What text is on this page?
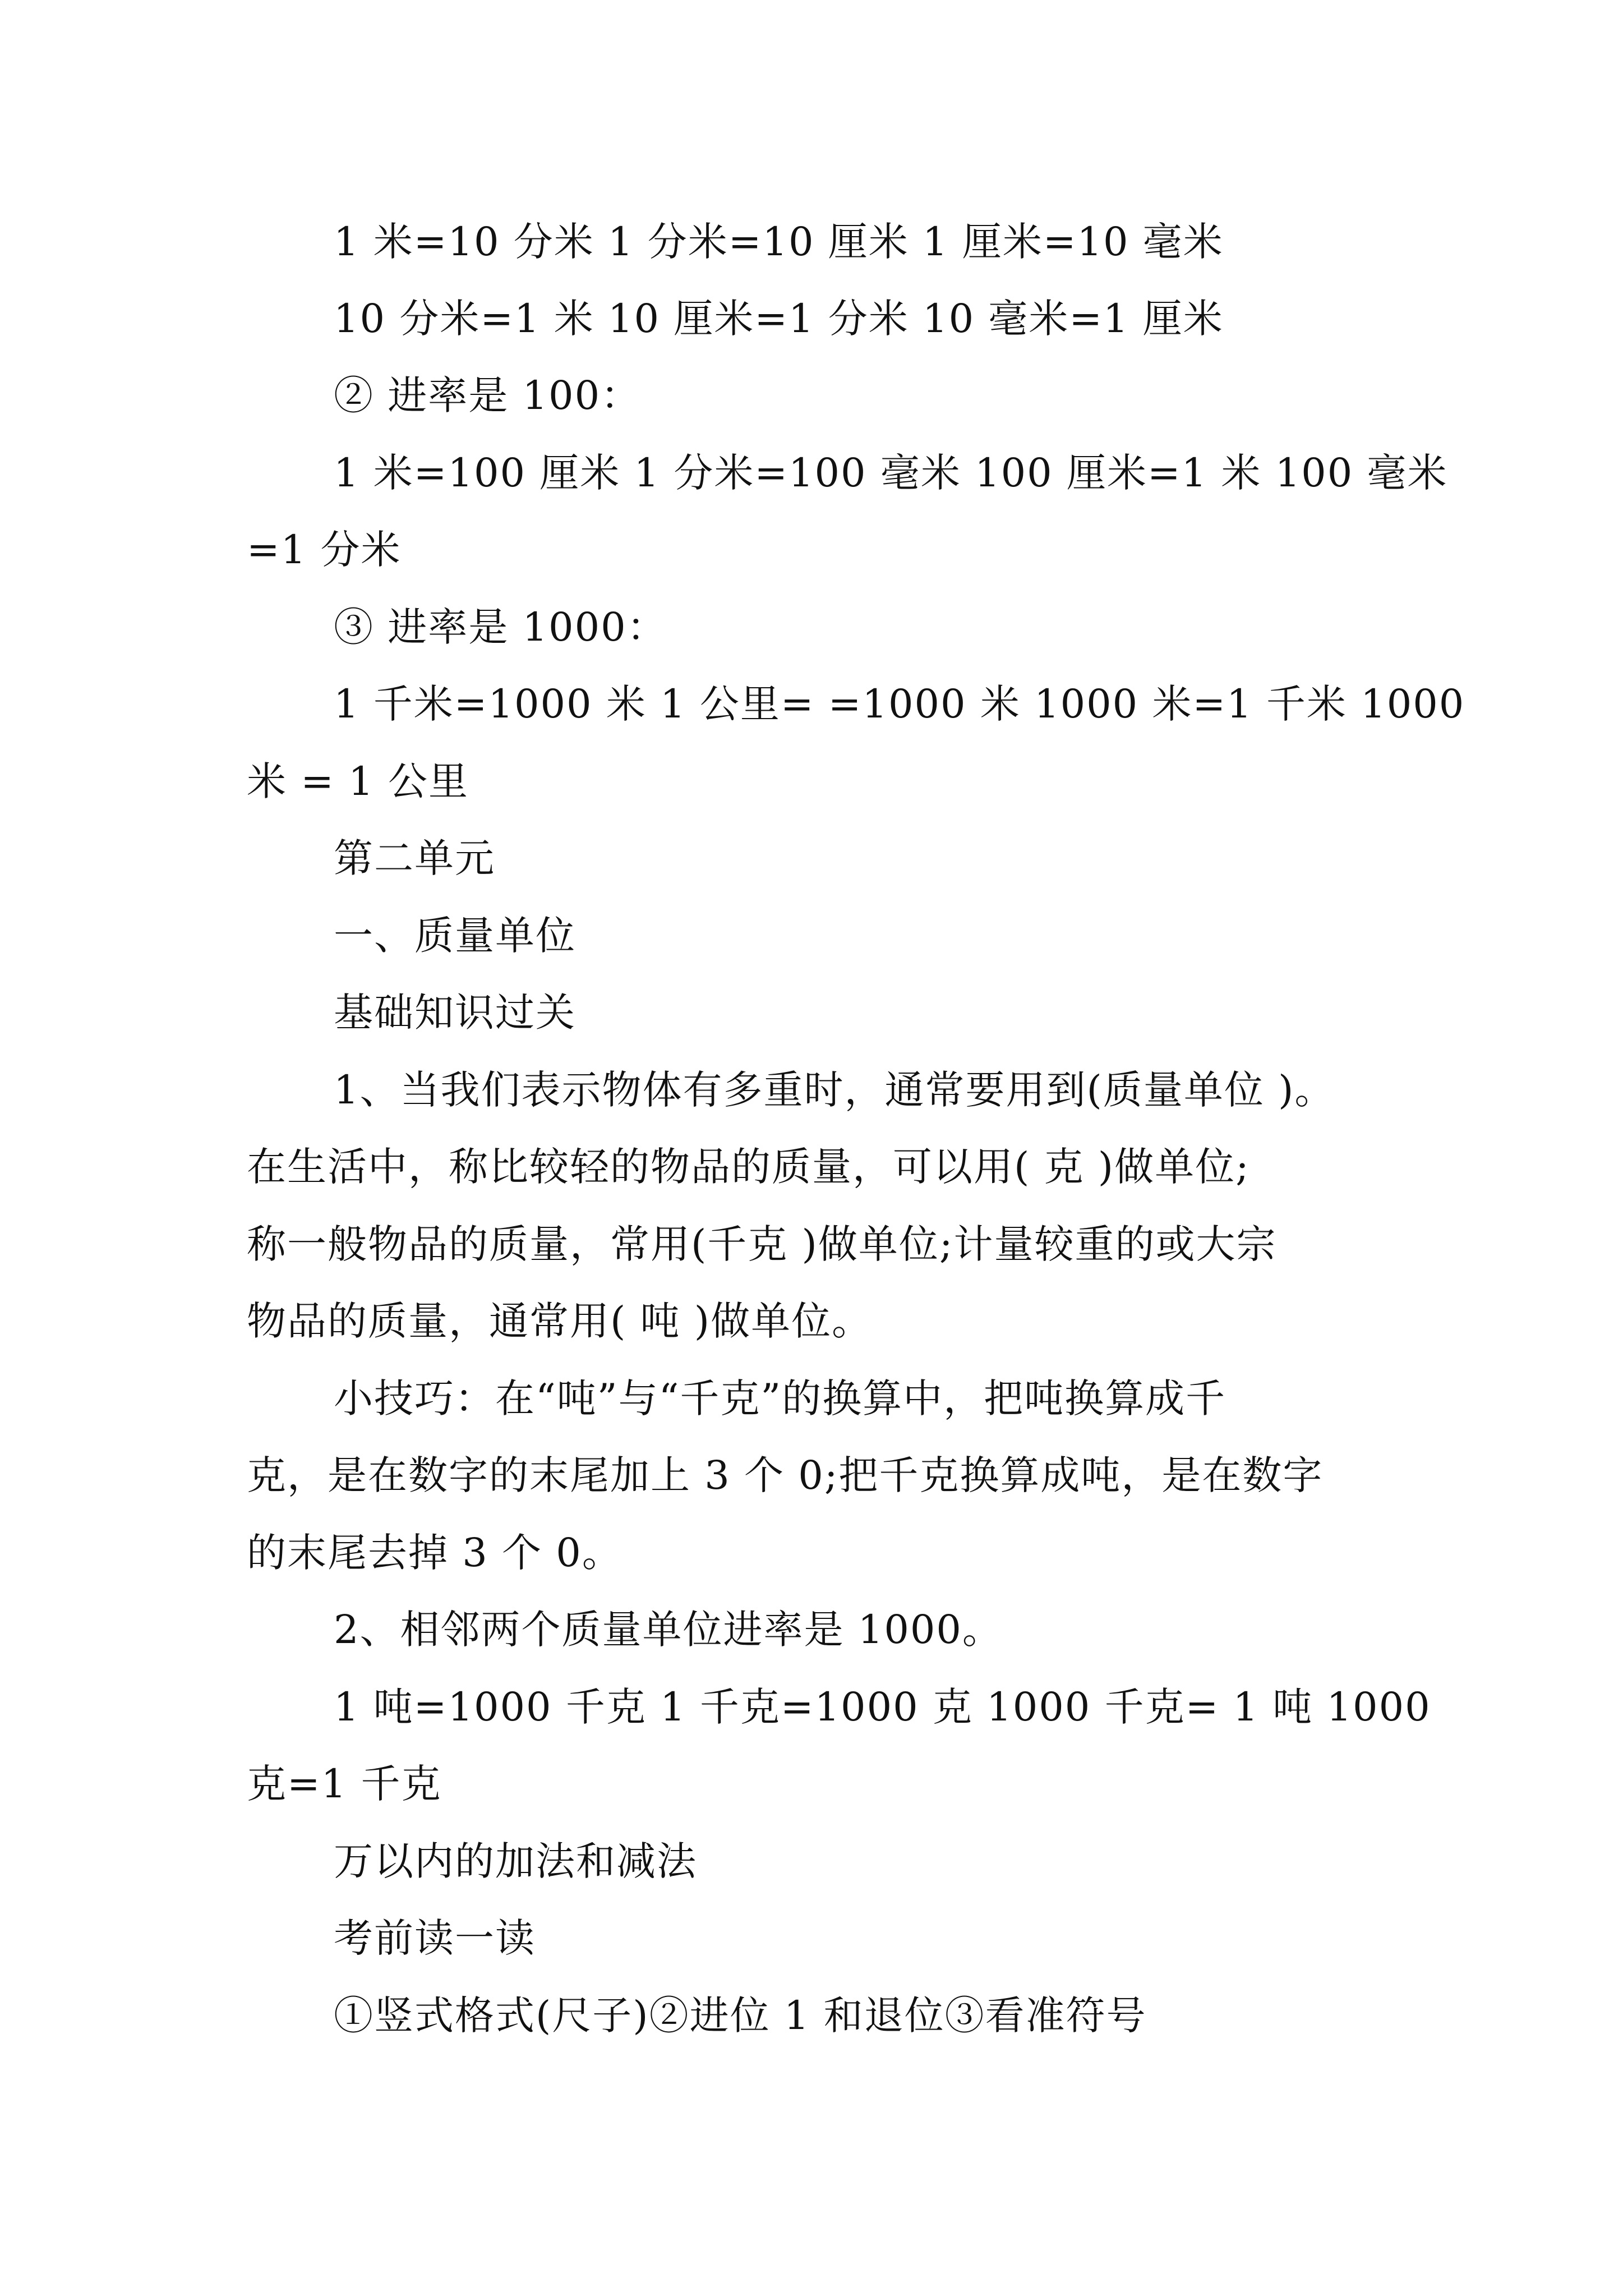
1 米=10 分米 1 分米=10 厘米 1 厘米=10 毫米
10 分米=1 米 10 厘米=1 分米 10 毫米=1 厘米
② 进率是 100：
1 米=100 厘米 1 分米=100 毫米 100 厘米=1 米 100 毫米
=1 分米
③ 进率是 1000：
1 千米=1000 米 1 公里= =1000 米 1000 米=1 千米 1000
米 = 1 公里
第二单元
一、质量单位
基础知识过关
1、当我们表示物体有多重时，通常要用到(质量单位 )。
在生活中，称比较轻的物品的质量，可以用( 克 )做单位;
称一般物品的质量，常用(千克 )做单位;计量较重的或大宗
物品的质量，通常用( 吨 )做单位。
小技巧：在“吨”与“千克”的换算中，把吨换算成千
克，是在数字的末尾加上 3 个 0;把千克换算成吨，是在数字
的末尾去掉 3 个 0。
2、相邻两个质量单位进率是 1000。
1 吨=1000 千克 1 千克=1000 克 1000 千克= 1 吨 1000
克=1 千克
万以内的加法和减法
考前读一读
①竖式格式(尺子)②进位 1 和退位③看准符号
